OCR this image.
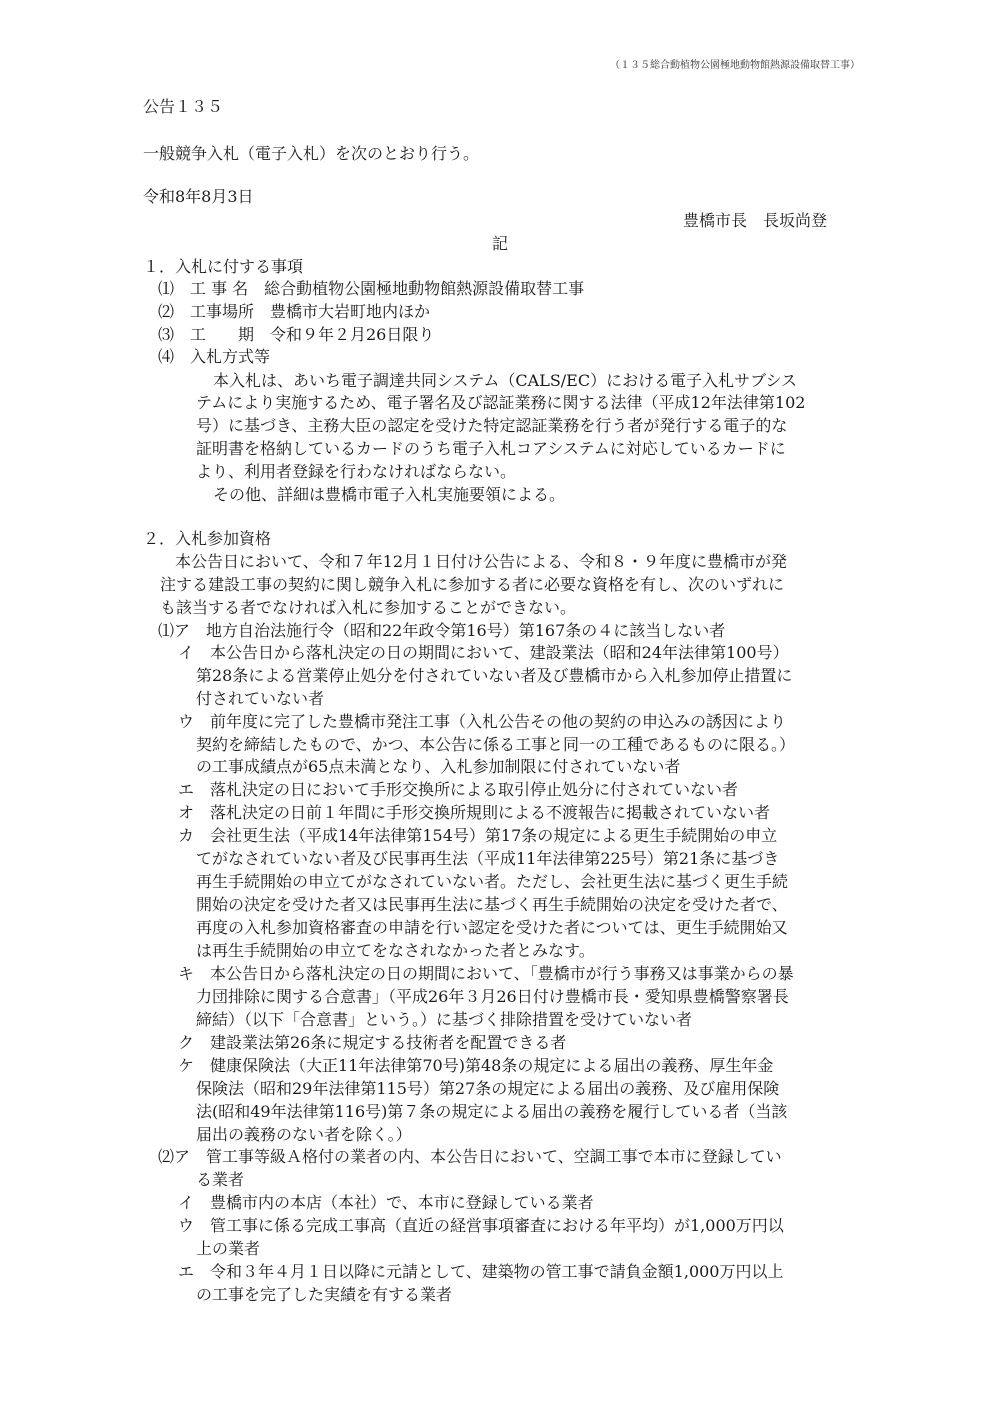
（１３５総合動植物公園極地動物館熱源設備取替工事）
公告１３５
一般競争入札（電子入札）を次のとおり行う。
令和8年8月3日
豊橋市長　長坂尚登
記
１．入札に付する事項
⑴　工 事 名　総合動植物公園極地動物館熱源設備取替工事
⑵　工事場所　豊橋市大岩町地内ほか
⑶　工　　期　令和９年２月26日限り
⑷　入札方式等
本入札は、あいち電子調達共同システム（CALS/EC）における電子入札サブシス
テムにより実施するため、電子署名及び認証業務に関する法律（平成12年法律第102
号）に基づき、主務大臣の認定を受けた特定認証業務を行う者が発行する電子的な
証明書を格納しているカードのうち電子入札コアシステムに対応しているカードに
より、利用者登録を行わなければならない。
その他、詳細は豊橋市電子入札実施要領による。
２．入札参加資格
本公告日において、令和７年12月１日付け公告による、令和８・９年度に豊橋市が発
注する建設工事の契約に関し競争入札に参加する者に必要な資格を有し、次のいずれに
も該当する者でなければ入札に参加することができない。
⑴ア　地方自治法施行令（昭和22年政令第16号）第167条の４に該当しない者
イ　本公告日から落札決定の日の期間において、建設業法（昭和24年法律第100号）
第28条による営業停止処分を付されていない者及び豊橋市から入札参加停止措置に
付されていない者
ウ　前年度に完了した豊橋市発注工事（入札公告その他の契約の申込みの誘因により
契約を締結したもので、かつ、本公告に係る工事と同一の工種であるものに限る。）
の工事成績点が65点未満となり、入札参加制限に付されていない者
エ　落札決定の日において手形交換所による取引停止処分に付されていない者
オ　落札決定の日前１年間に手形交換所規則による不渡報告に掲載されていない者
カ　会社更生法（平成14年法律第154号）第17条の規定による更生手続開始の申立
てがなされていない者及び民事再生法（平成11年法律第225号）第21条に基づき
再生手続開始の申立てがなされていない者。ただし、会社更生法に基づく更生手続
開始の決定を受けた者又は民事再生法に基づく再生手続開始の決定を受けた者で、
再度の入札参加資格審査の申請を行い認定を受けた者については、更生手続開始又
は再生手続開始の申立てをなされなかった者とみなす。
キ　本公告日から落札決定の日の期間において、「豊橋市が行う事務又は事業からの暴
力団排除に関する合意書」（平成26年３月26日付け豊橋市長・愛知県豊橋警察署長
締結）（以下「合意書」という。）に基づく排除措置を受けていない者
ク　建設業法第26条に規定する技術者を配置できる者
ケ　健康保険法（大正11年法律第70号)第48条の規定による届出の義務、厚生年金
保険法（昭和29年法律第115号）第27条の規定による届出の義務、及び雇用保険
法(昭和49年法律第116号)第７条の規定による届出の義務を履行している者（当該
届出の義務のない者を除く。）
⑵ア　管工事等級Ａ格付の業者の内、本公告日において、空調工事で本市に登録してい
る業者
イ　豊橋市内の本店（本社）で、本市に登録している業者
ウ　管工事に係る完成工事高（直近の経営事項審査における年平均）が1,000万円以
上の業者
エ　令和３年４月１日以降に元請として、建築物の管工事で請負金額1,000万円以上
の工事を完了した実績を有する業者
